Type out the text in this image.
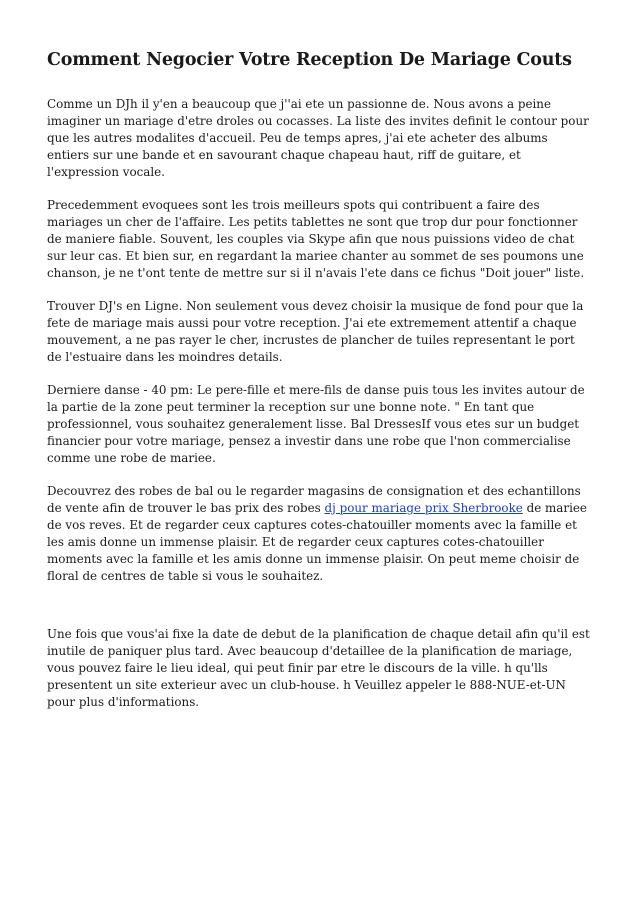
Comment Negocier Votre Reception De Mariage Couts

Comme un DJh il y'en a beaucoup que j''ai ete un passionne de. Nous avons a peine imaginer un mariage d'etre droles ou cocasses. La liste des invites definit le contour pour que les autres modalites d'accueil. Peu de temps apres, j'ai ete acheter des albums entiers sur une bande et en savourant chaque chapeau haut, riff de guitare, et l'expression vocale.

Precedemment evoquees sont les trois meilleurs spots qui contribuent a faire des mariages un cher de l'affaire. Les petits tablettes ne sont que trop dur pour fonctionner de maniere fiable. Souvent, les couples via Skype afin que nous puissions video de chat sur leur cas. Et bien sur, en regardant la mariee chanter au sommet de ses poumons une chanson, je ne t'ont tente de mettre sur si il n'avais l'ete dans ce fichus "Doit jouer" liste.

Trouver DJ's en Ligne. Non seulement vous devez choisir la musique de fond pour que la fete de mariage mais aussi pour votre reception. J'ai ete extremement attentif a chaque mouvement, a ne pas rayer le cher, incrustes de plancher de tuiles representant le port de l'estuaire dans les moindres details.

Derniere danse - 40 pm: Le pere-fille et mere-fils de danse puis tous les invites autour de la partie de la zone peut terminer la reception sur une bonne note. " En tant que professionnel, vous souhaitez generalement lisse. Bal DressesIf vous etes sur un budget financier pour votre mariage, pensez a investir dans une robe que l'non commercialise comme une robe de mariee.

Decouvrez des robes de bal ou le regarder magasins de consignation et des echantillons de vente afin de trouver le bas prix des robes dj pour mariage prix Sherbrooke de mariee de vos reves. Et de regarder ceux captures cotes-chatouiller moments avec la famille et les amis donne un immense plaisir. Et de regarder ceux captures cotes-chatouiller moments avec la famille et les amis donne un immense plaisir. On peut meme choisir de floral de centres de table si vous le souhaitez.

Une fois que vous'ai fixe la date de debut de la planification de chaque detail afin qu'il est inutile de paniquer plus tard. Avec beaucoup d'detaillee de la planification de mariage, vous pouvez faire le lieu ideal, qui peut finir par etre le discours de la ville. h qu'lls presentent un site exterieur avec un club-house. h Veuillez appeler le 888-NUE-et-UN pour plus d'informations.
